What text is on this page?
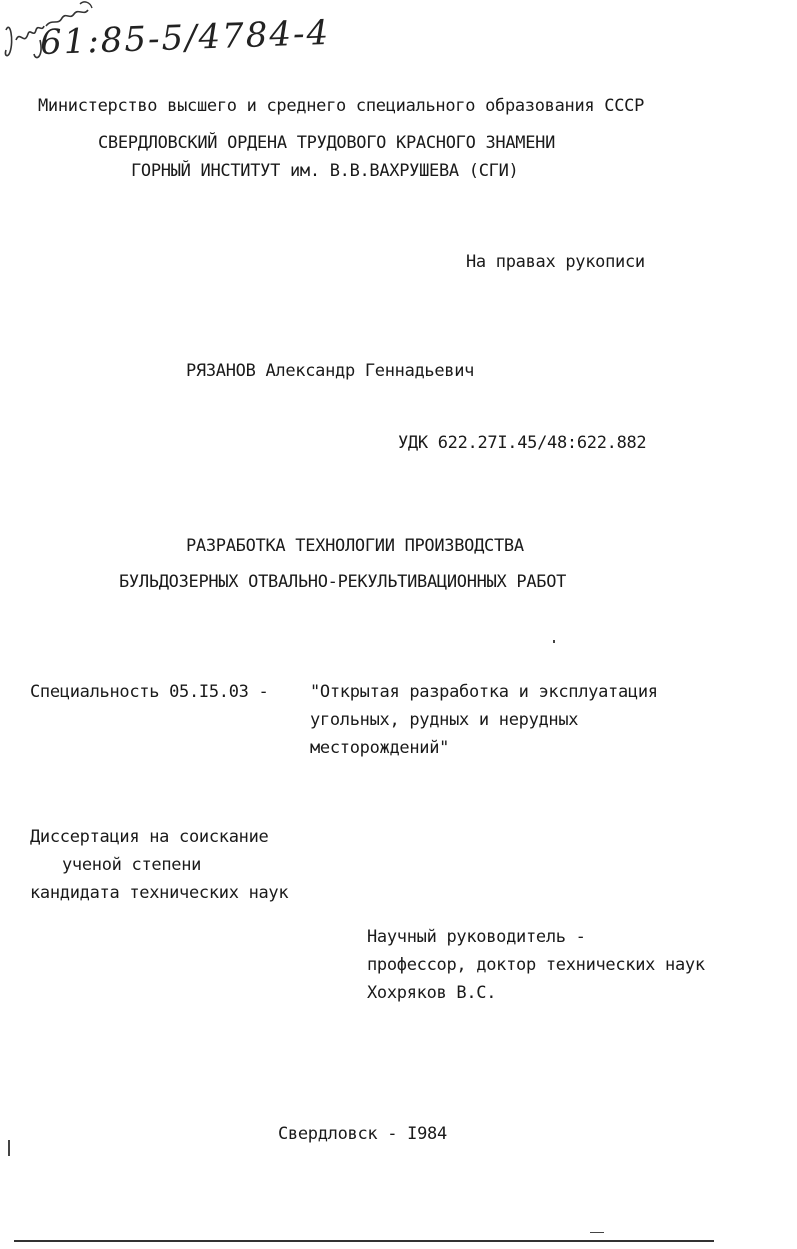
61:85-5/4784-4
Министерство высшего и среднего специального образования СССР
СВЕРДЛОВСКИЙ ОРДЕНА ТРУДОВОГО КРАСНОГО ЗНАМЕНИ
ГОРНЫЙ ИНСТИТУТ им. В.В.ВАХРУШЕВА (СГИ)
На правах рукописи
РЯЗАНОВ Александр Геннадьевич
УДК 622.27I.45/48:622.882
РАЗРАБОТКА ТЕХНОЛОГИИ ПРОИЗВОДСТВА
БУЛЬДОЗЕРНЫХ ОТВАЛЬНО-РЕКУЛЬТИВАЦИОННЫХ РАБОТ
Специальность 05.I5.03 - "Открытая разработка и эксплуатация
угольных, рудных и нерудных
месторождений"
Диссертация на соискание
ученой степени
кандидата технических наук
Научный руководитель -
профессор, доктор технических наук
Хохряков В.С.
Свердловск - I984
